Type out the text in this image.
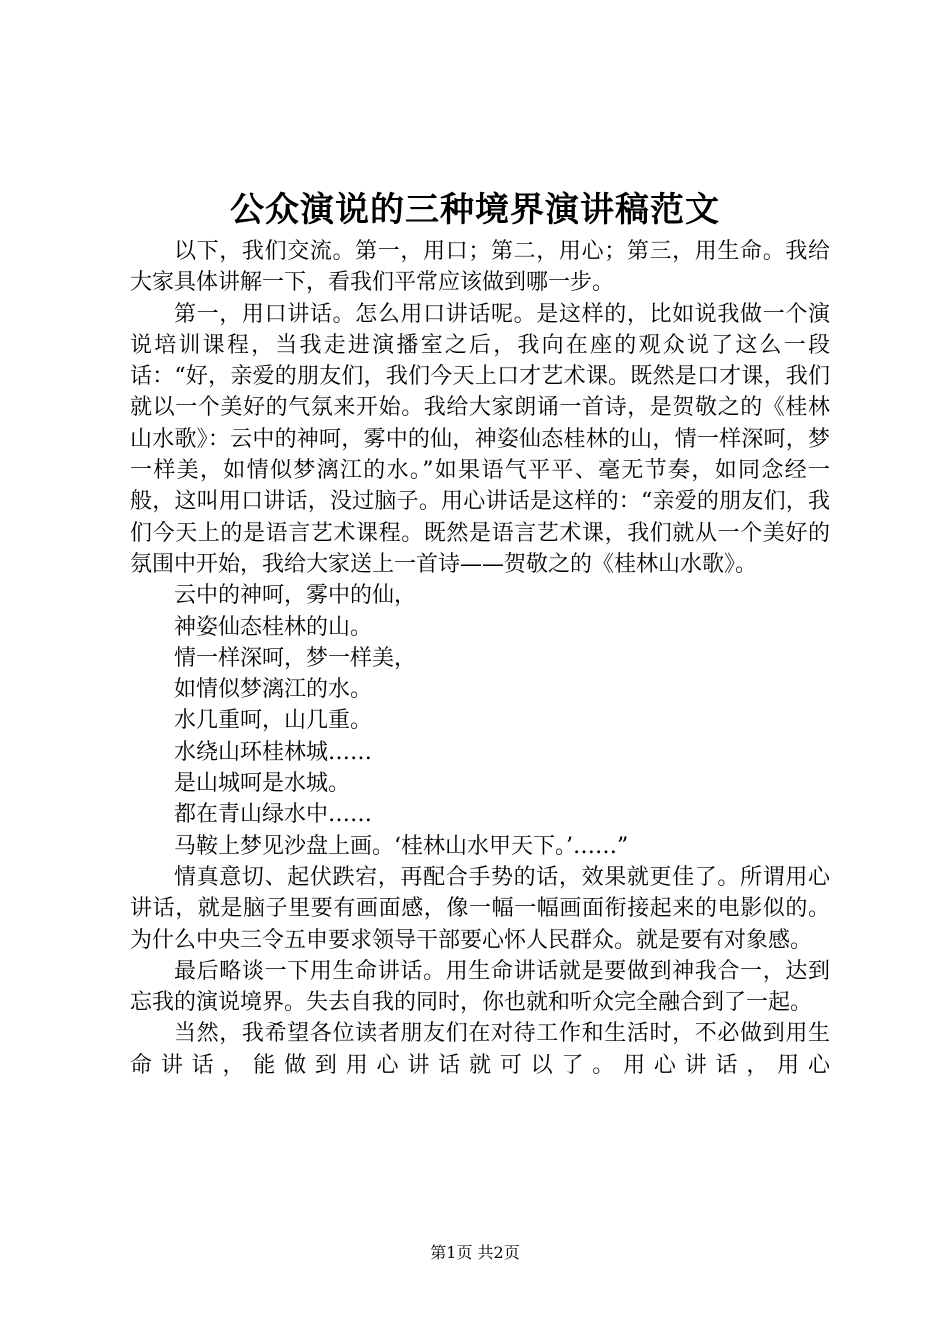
公众演说的三种境界演讲稿范文

以下，我们交流。第一，用口；第二，用心；第三，用生命。我给大家具体讲解一下，看我们平常应该做到哪一步。

第一，用口讲话。怎么用口讲话呢。是这样的，比如说我做一个演说培训课程，当我走进演播室之后，我向在座的观众说了这么一段话：“好，亲爱的朋友们，我们今天上口才艺术课。既然是口才课，我们就以一个美好的气氛来开始。我给大家朗诵一首诗，是贺敬之的《桂林山水歌》：云中的神呵，雾中的仙，神姿仙态桂林的山，情一样深呵，梦一样美，如情似梦漓江的水。”如果语气平平、毫无节奏，如同念经一般，这叫用口讲话，没过脑子。用心讲话是这样的：“亲爱的朋友们，我们今天上的是语言艺术课程。既然是语言艺术课，我们就从一个美好的氛围中开始，我给大家送上一首诗——贺敬之的《桂林山水歌》。

云中的神呵，雾中的仙，

神姿仙态桂林的山。

情一样深呵，梦一样美，

如情似梦漓江的水。

水几重呵，山几重。

水绕山环桂林城……

是山城呵是水城。

都在青山绿水中……

马鞍上梦见沙盘上画。‘桂林山水甲天下。’……”

情真意切、起伏跌宕，再配合手势的话，效果就更佳了。所谓用心讲话，就是脑子里要有画面感，像一幅一幅画面衔接起来的电影似的。为什么中央三令五申要求领导干部要心怀人民群众。就是要有对象感。

最后略谈一下用生命讲话。用生命讲话就是要做到神我合一，达到忘我的演说境界。失去自我的同时，你也就和听众完全融合到了一起。

当然，我希望各位读者朋友们在对待工作和生活时，不必做到用生命讲话，能做到用心讲话就可以了。用心讲话，用心

第1页 共2页
